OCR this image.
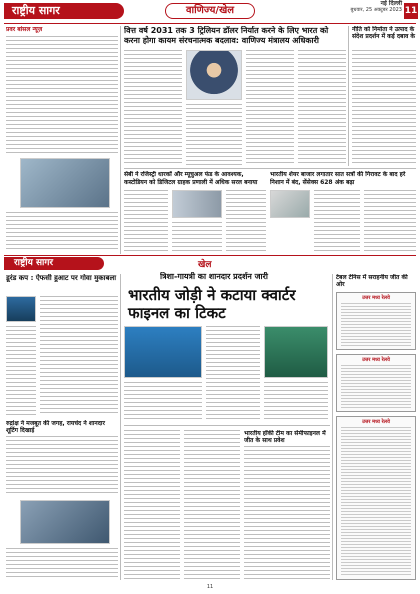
राष्ट्रीय सागर	वाणिज्य/खेल
नई दिल्ली
बुधवार, 25 अक्टूबर 2023 11
प्रवर बांसल न्यूज़	वित्त वर्ष 2031 तक 3 ट्रिलियन डॉलर निर्यात करने के लिए भारत को करना होगा कायम संरचनात्मक बदलाव: वाणिज्य मंत्रालय अधिकारी
नीति को निर्माता ने उत्पाद के संदेश प्रदर्शन में कई दबाव के
सेबी ने रजिस्ट्री धारकों और म्यूचुअल फंड के आवश्यक, कस्टोडियन को डिजिटल ग्राहक प्रणाली में अधिक सरल बनाया
भारतीय शेयर बाजार लगातार सात सत्रों की गिरावट के बाद हरे निशान में बंद, सेंसेक्स 628 अंक बढ़ा
राष्ट्रीय सागर	खेल
डूरंड कप : ऐफसी हुआट पर गोवा मुकाबला	त्रिशा-गायत्री का शानदार प्रदर्शन जारी
भारतीय जोड़ी ने कटाया क्वार्टर फाइनल का टिकट
टेबल टेनिस में सराहनीय जीत की ओर
उत्तर मध्य रेलवे
उत्तर मध्य रेलवे
उत्तर मध्य रेलवे
रुद्रांक्ष ने मजबूत की जगह, रायचंद ने शानदार शूटिंग दिखाई	भारतीय हॉकी टीम का सेमीफाइनल में जीत के साथ प्रवेश
11
